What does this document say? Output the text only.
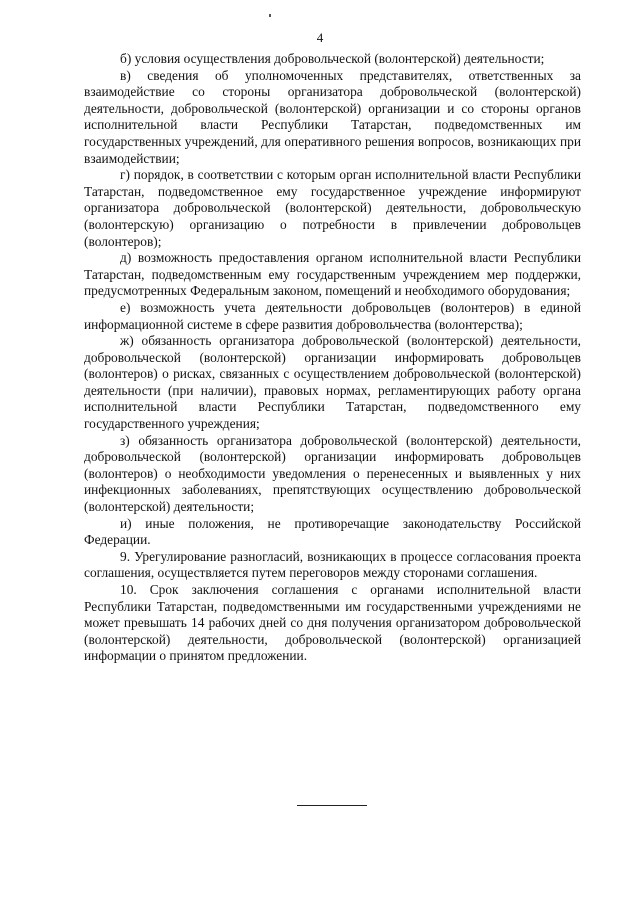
4

б) условия осуществления добровольческой (волонтерской) деятельности;

в) сведения об уполномоченных представителях, ответственных за взаимодействие со стороны организатора добровольческой (волонтерской) деятельности, добровольческой (волонтерской) организации и со стороны органов исполнительной власти Республики Татарстан, подведомственных им государственных учреждений, для оперативного решения вопросов, возникающих при взаимодействии;

г) порядок, в соответствии с которым орган исполнительной власти Республики Татарстан, подведомственное ему государственное учреждение информируют организатора добровольческой (волонтерской) деятельности, добровольческую (волонтерскую) организацию о потребности в привлечении добровольцев (волонтеров);

д) возможность предоставления органом исполнительной власти Республики Татарстан, подведомственным ему государственным учреждением мер поддержки, предусмотренных Федеральным законом, помещений и необходимого оборудования;

е) возможность учета деятельности добровольцев (волонтеров) в единой информационной системе в сфере развития добровольчества (волонтерства);

ж) обязанность организатора добровольческой (волонтерской) деятельности, добровольческой (волонтерской) организации информировать добровольцев (волонтеров) о рисках, связанных с осуществлением добровольческой (волонтерской) деятельности (при наличии), правовых нормах, регламентирующих работу органа исполнительной власти Республики Татарстан, подведомственного ему государственного учреждения;

з) обязанность организатора добровольческой (волонтерской) деятельности, добровольческой (волонтерской) организации информировать добровольцев (волонтеров) о необходимости уведомления о перенесенных и выявленных у них инфекционных заболеваниях, препятствующих осуществлению добровольческой (волонтерской) деятельности;

и) иные положения, не противоречащие законодательству Российской Федерации.

9. Урегулирование разногласий, возникающих в процессе согласования проекта соглашения, осуществляется путем переговоров между сторонами соглашения.

10. Срок заключения соглашения с органами исполнительной власти Республики Татарстан, подведомственными им государственными учреждениями не может превышать 14 рабочих дней со дня получения организатором добровольческой (волонтерской) деятельности, добровольческой (волонтерской) организацией информации о принятом предложении.
